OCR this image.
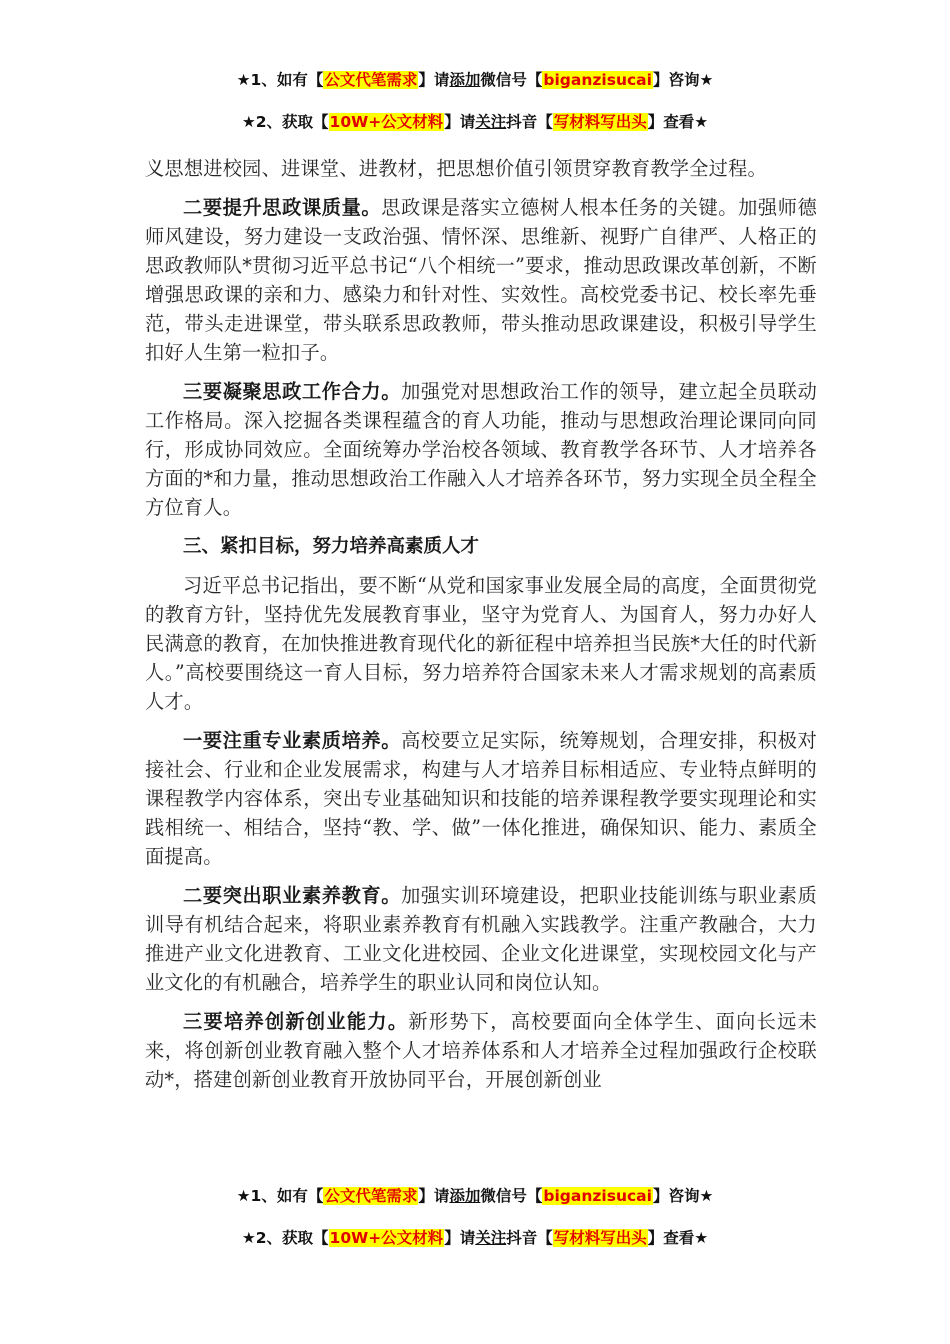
★1、如有【公文代笔需求】请添加微信号【biganzisucai】咨询★
★2、获取【10W+公文材料】请关注抖音【写材料写出头】查看★

义思想进校园、进课堂、进教材，把思想价值引领贯穿教育教学全过程。

二要提升思政课质量。思政课是落实立德树人根本任务的关键。加强师德师风建设，努力建设一支政治强、情怀深、思维新、视野广自律严、人格正的思政教师队*贯彻习近平总书记“八个相统一”要求，推动思政课改革创新，不断增强思政课的亲和力、感染力和针对性、实效性。高校党委书记、校长率先垂范，带头走进课堂，带头联系思政教师，带头推动思政课建设，积极引导学生扣好人生第一粒扣子。

三要凝聚思政工作合力。加强党对思想政治工作的领导，建立起全员联动工作格局。深入挖掘各类课程蕴含的育人功能，推动与思想政治理论课同向同行，形成协同效应。全面统筹办学治校各领域、教育教学各环节、人才培养各方面的*和力量，推动思想政治工作融入人才培养各环节，努力实现全员全程全方位育人。

三、紧扣目标，努力培养高素质人才

习近平总书记指出，要不断“从党和国家事业发展全局的高度，全面贯彻党的教育方针，坚持优先发展教育事业，坚守为党育人、为国育人，努力办好人民满意的教育，在加快推进教育现代化的新征程中培养担当民族*大任的时代新人。”高校要围绕这一育人目标，努力培养符合国家未来人才需求规划的高素质人才。

一要注重专业素质培养。高校要立足实际，统筹规划，合理安排，积极对接社会、行业和企业发展需求，构建与人才培养目标相适应、专业特点鲜明的课程教学内容体系，突出专业基础知识和技能的培养课程教学要实现理论和实践相统一、相结合，坚持“教、学、做”一体化推进，确保知识、能力、素质全面提高。

二要突出职业素养教育。加强实训环境建设，把职业技能训练与职业素质训导有机结合起来，将职业素养教育有机融入实践教学。注重产教融合，大力推进产业文化进教育、工业文化进校园、企业文化进课堂，实现校园文化与产业文化的有机融合，培养学生的职业认同和岗位认知。

三要培养创新创业能力。新形势下，高校要面向全体学生、面向长远未来，将创新创业教育融入整个人才培养体系和人才培养全过程加强政行企校联动*，搭建创新创业教育开放协同平台，开展创新创业

★1、如有【公文代笔需求】请添加微信号【biganzisucai】咨询★
★2、获取【10W+公文材料】请关注抖音【写材料写出头】查看★
